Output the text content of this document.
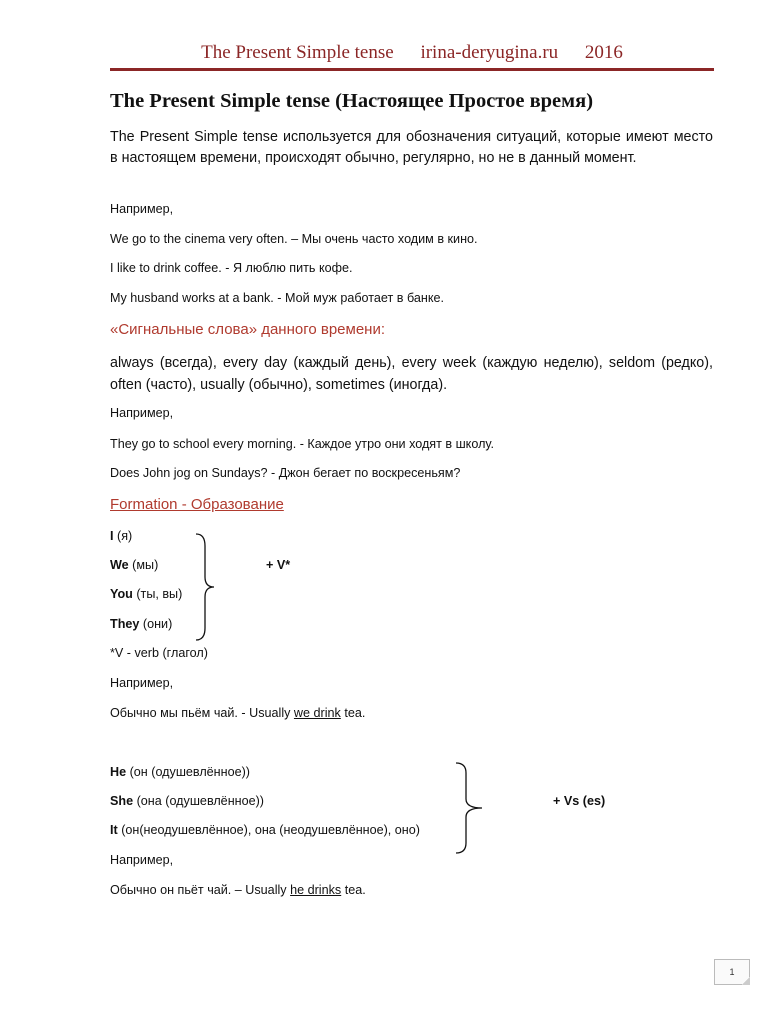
The Present Simple tense irina-deryugina.ru 2016
The Present Simple tense (Настоящее Простое время)
The Present Simple tense используется для обозначения ситуаций, которые имеют место в настоящем времени, происходят обычно, регулярно, но не в данный момент.
Например,
We go to the cinema very often. – Мы очень часто ходим в кино.
I like to drink coffee. - Я люблю пить кофе.
My husband works at a bank. - Мой муж работает в банке.
«Сигнальные слова» данного времени:
always (всегда), every day (каждый день), every week (каждую неделю), seldom (редко), often (часто), usually (обычно), sometimes (иногда).
Например,
They go to school every morning. - Каждое утро они ходят в школу.
Does John jog on Sundays? - Джон бегает по воскресеньям?
Formation - Образование
I (я)
We (мы)
You (ты, вы)
They (они)
+ V*
*V - verb (глагол)
Например,
Обычно мы пьём чай. - Usually we drink tea.
He (он (одушевлённое))
She (она (одушевлённое))
It (он(неодушевлённое), она (неодушевлённое), оно)
+ Vs (es)
Например,
Обычно он пьёт чай. – Usually he drinks tea.
1
